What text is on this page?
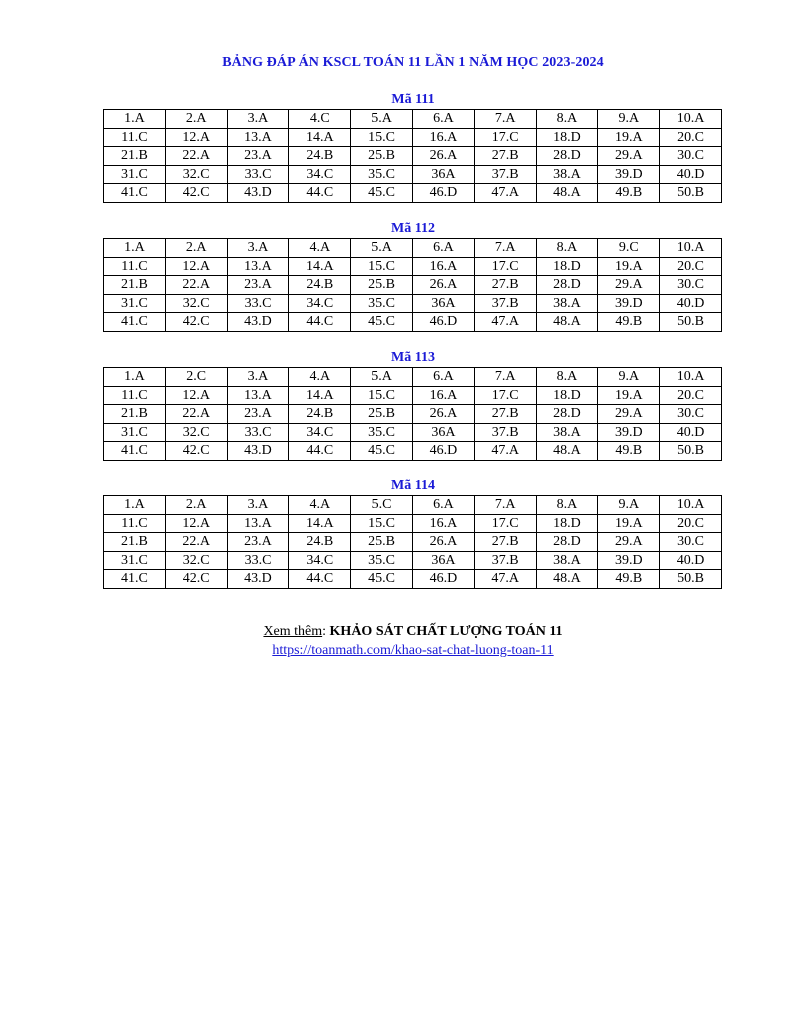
BẢNG ĐÁP ÁN KSCL TOÁN 11 LẦN 1 NĂM HỌC 2023-2024
Mã 111
1.A	2.A	3.A	4.C	5.A	6.A	7.A	8.A	9.A	10.A
11.C	12.A	13.A	14.A	15.C	16.A	17.C	18.D	19.A	20.C
21.B	22.A	23.A	24.B	25.B	26.A	27.B	28.D	29.A	30.C
31.C	32.C	33.C	34.C	35.C	36A	37.B	38.A	39.D	40.D
41.C	42.C	43.D	44.C	45.C	46.D	47.A	48.A	49.B	50.B
Mã 112
1.A	2.A	3.A	4.A	5.A	6.A	7.A	8.A	9.C	10.A
11.C	12.A	13.A	14.A	15.C	16.A	17.C	18.D	19.A	20.C
21.B	22.A	23.A	24.B	25.B	26.A	27.B	28.D	29.A	30.C
31.C	32.C	33.C	34.C	35.C	36A	37.B	38.A	39.D	40.D
41.C	42.C	43.D	44.C	45.C	46.D	47.A	48.A	49.B	50.B
Mã 113
1.A	2.C	3.A	4.A	5.A	6.A	7.A	8.A	9.A	10.A
11.C	12.A	13.A	14.A	15.C	16.A	17.C	18.D	19.A	20.C
21.B	22.A	23.A	24.B	25.B	26.A	27.B	28.D	29.A	30.C
31.C	32.C	33.C	34.C	35.C	36A	37.B	38.A	39.D	40.D
41.C	42.C	43.D	44.C	45.C	46.D	47.A	48.A	49.B	50.B
Mã 114
1.A	2.A	3.A	4.A	5.C	6.A	7.A	8.A	9.A	10.A
11.C	12.A	13.A	14.A	15.C	16.A	17.C	18.D	19.A	20.C
21.B	22.A	23.A	24.B	25.B	26.A	27.B	28.D	29.A	30.C
31.C	32.C	33.C	34.C	35.C	36A	37.B	38.A	39.D	40.D
41.C	42.C	43.D	44.C	45.C	46.D	47.A	48.A	49.B	50.B
Xem thêm: KHẢO SÁT CHẤT LƯỢNG TOÁN 11
https://toanmath.com/khao-sat-chat-luong-toan-11
